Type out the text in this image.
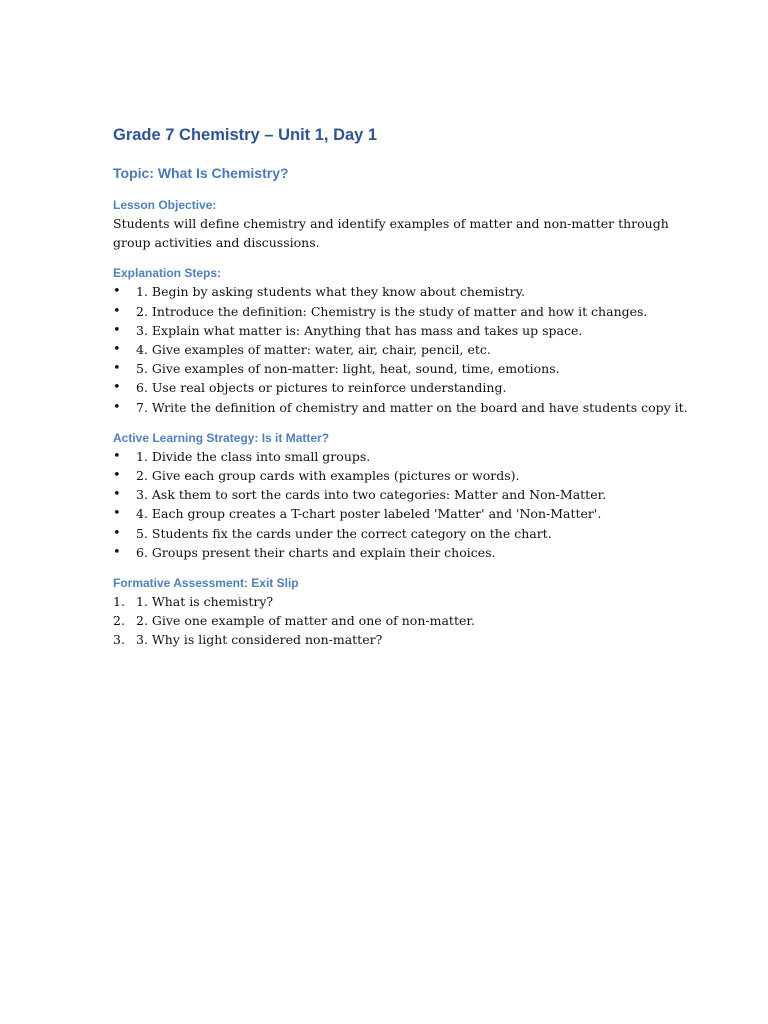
Grade 7 Chemistry – Unit 1, Day 1
Topic: What Is Chemistry?
Lesson Objective:

Students will define chemistry and identify examples of matter and non-matter through group activities and discussions.

Explanation Steps:
• 1. Begin by asking students what they know about chemistry.
• 2. Introduce the definition: Chemistry is the study of matter and how it changes.
• 3. Explain what matter is: Anything that has mass and takes up space.
• 4. Give examples of matter: water, air, chair, pencil, etc.
• 5. Give examples of non-matter: light, heat, sound, time, emotions.
• 6. Use real objects or pictures to reinforce understanding.
• 7. Write the definition of chemistry and matter on the board and have students copy it.
Active Learning Strategy: Is it Matter?
• 1. Divide the class into small groups.
• 2. Give each group cards with examples (pictures or words).
• 3. Ask them to sort the cards into two categories: Matter and Non-Matter.
• 4. Each group creates a T-chart poster labeled 'Matter' and 'Non-Matter'.
• 5. Students fix the cards under the correct category on the chart.
• 6. Groups present their charts and explain their choices.
Formative Assessment: Exit Slip
1. 1. What is chemistry?
2. 2. Give one example of matter and one of non-matter.
3. 3. Why is light considered non-matter?
